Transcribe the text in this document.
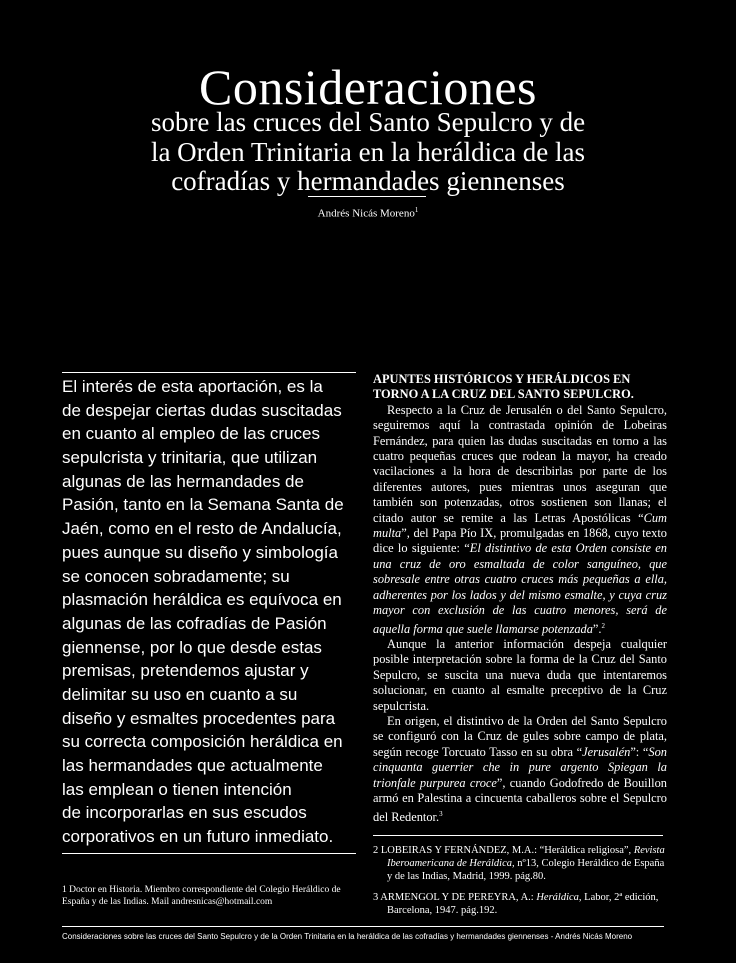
Consideraciones
sobre las cruces del Santo Sepulcro y de
la Orden Trinitaria en la heráldica de las
cofradías y hermandades giennenses
Andrés Nicás Moreno$^1$
El interés de esta aportación, es la
de despejar ciertas dudas suscitadas
en cuanto al empleo de las cruces
sepulcrista y trinitaria, que utilizan
algunas de las hermandades de
Pasión, tanto en la Semana Santa de
Jaén, como en el resto de Andalucía,
pues aunque su diseño y simbología
se conocen sobradamente; su
plasmación heráldica es equívoca en
algunas de las cofradías de Pasión
giennense, por lo que desde estas
premisas, pretendemos ajustar y
delimitar su uso en cuanto a su
diseño y esmaltes procedentes para
su correcta composición heráldica en
las hermandades que actualmente
las emplean o tienen intención
de incorporarlas en sus escudos
corporativos en un futuro inmediato.
1 Doctor en Historia. Miembro correspondiente del Colegio Heráldico de España y de las Indias. Mail andresnicas@hotmail.com
APUNTES HISTÓRICOS Y HERÁLDICOS EN TORNO A LA CRUZ DEL SANTO SEPULCRO.

Respecto a la Cruz de Jerusalén o del Santo Sepulcro, seguiremos aquí la contrastada opinión de Lobeiras Fernández, para quien las dudas suscitadas en torno a las cuatro pequeñas cruces que rodean la mayor, ha creado vacilaciones a la hora de describirlas por parte de los diferentes autores, pues mientras unos aseguran que también son potenzadas, otros sostienen son llanas; el citado autor se remite a las Letras Apostólicas “Cum multa”, del Papa Pío IX, promulgadas en 1868, cuyo texto dice lo siguiente: “El distintivo de esta Orden consiste en una cruz de oro esmaltada de color sanguíneo, que sobresale entre otras cuatro cruces más pequeñas a ella, adherentes por los lados y del mismo esmalte, y cuya cruz mayor con exclusión de las cuatro menores, será de aquella forma que suele llamarse potenzada”.$^2$

Aunque la anterior información despeja cualquier posible interpretación sobre la forma de la Cruz del Santo Sepulcro, se suscita una nueva duda que intentaremos solucionar, en cuanto al esmalte preceptivo de la Cruz sepulcrista.

En origen, el distintivo de la Orden del Santo Sepulcro se configuró con la Cruz de gules sobre campo de plata, según recoge Torcuato Tasso en su obra “Jerusalén”: “Son cinquanta guerrier che in pure argento Spiegan la trionfale purpurea croce”, cuando Godofredo de Bouillon armó en Palestina a cincuenta caballeros sobre el Sepulcro del Redentor.$^3$

2 LOBEIRAS Y FERNÁNDEZ, M.A.: “Heráldica religiosa”, Revista Iberoamericana de Heráldica, nº13, Colegio Heráldico de España y de las Indias, Madrid, 1999. pág.80.

3 ARMENGOL Y DE PEREYRA, A.: Heráldica, Labor, 2ª edición, Barcelona, 1947. pág.192.

Consideraciones sobre las cruces del Santo Sepulcro y de la Orden Trinitaria en la heráldica de las cofradías y hermandades giennenses - Andrés Nicás Moreno
